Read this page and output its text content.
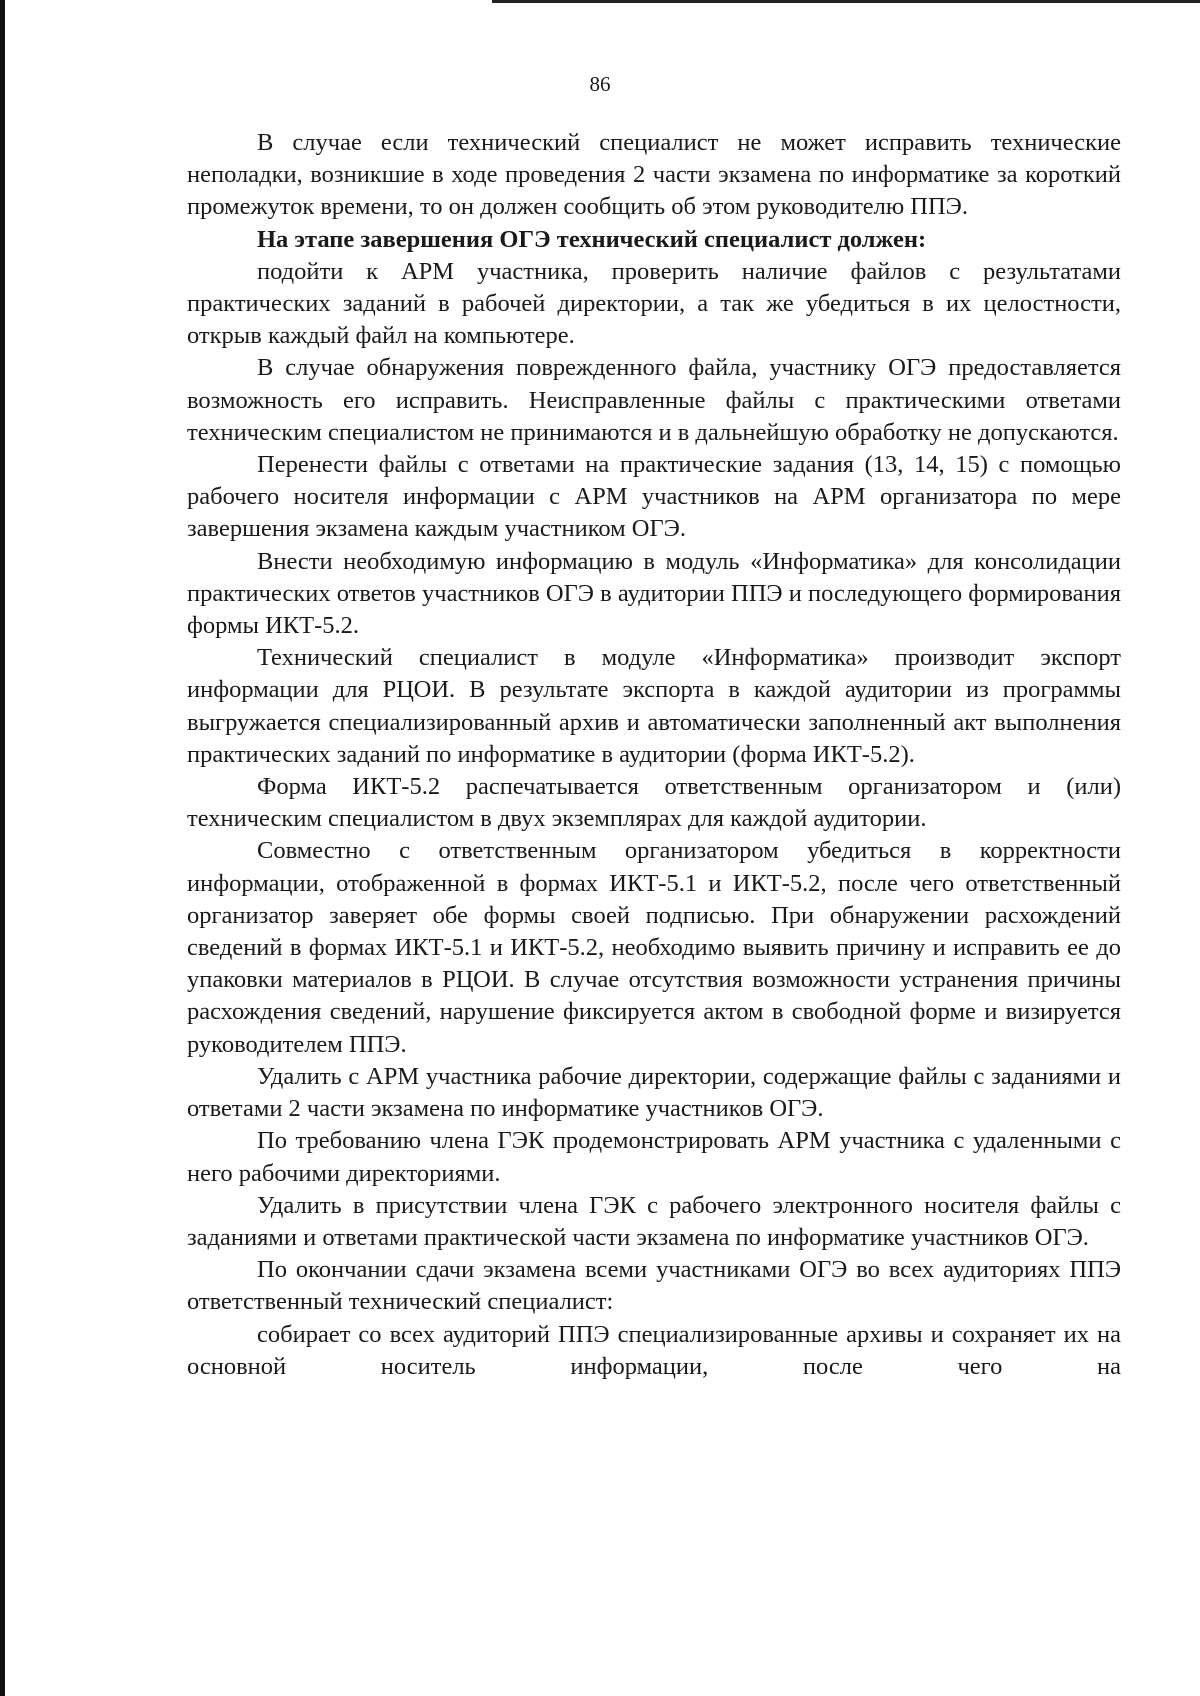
86

В случае если технический специалист не может исправить технические неполадки, возникшие в ходе проведения 2 части экзамена по информатике за короткий промежуток времени, то он должен сообщить об этом руководителю ППЭ.

На этапе завершения ОГЭ технический специалист должен:

подойти к АРМ участника, проверить наличие файлов с результатами практических заданий в рабочей директории, а так же убедиться в их целостности, открыв каждый файл на компьютере.

В случае обнаружения поврежденного файла, участнику ОГЭ предоставляется возможность его исправить. Неисправленные файлы с практическими ответами техническим специалистом не принимаются и в дальнейшую обработку не допускаются.

Перенести файлы с ответами на практические задания (13, 14, 15) с помощью рабочего носителя информации с АРМ участников на АРМ организатора по мере завершения экзамена каждым участником ОГЭ.

Внести необходимую информацию в модуль «Информатика» для консолидации практических ответов участников ОГЭ в аудитории ППЭ и последующего формирования формы ИКТ-5.2.

Технический специалист в модуле «Информатика» производит экспорт информации для РЦОИ. В результате экспорта в каждой аудитории из программы выгружается специализированный архив и автоматически заполненный акт выполнения практических заданий по информатике в аудитории (форма ИКТ-5.2).

Форма ИКТ-5.2 распечатывается ответственным организатором и (или) техническим специалистом в двух экземплярах для каждой аудитории.

Совместно с ответственным организатором убедиться в корректности информации, отображенной в формах ИКТ-5.1 и ИКТ-5.2, после чего ответственный организатор заверяет обе формы своей подписью. При обнаружении расхождений сведений в формах ИКТ-5.1 и ИКТ-5.2, необходимо выявить причину и исправить ее до упаковки материалов в РЦОИ. В случае отсутствия возможности устранения причины расхождения сведений, нарушение фиксируется актом в свободной форме и визируется руководителем ППЭ.

Удалить с АРМ участника рабочие директории, содержащие файлы с заданиями и ответами 2 части экзамена по информатике участников ОГЭ.

По требованию члена ГЭК продемонстрировать АРМ участника с удаленными с него рабочими директориями.

Удалить в присутствии члена ГЭК с рабочего электронного носителя файлы с заданиями и ответами практической части экзамена по информатике участников ОГЭ.

По окончании сдачи экзамена всеми участниками ОГЭ во всех аудиториях ППЭ ответственный технический специалист:

собирает со всех аудиторий ППЭ специализированные архивы и сохраняет их на основной носитель информации, после чего на
